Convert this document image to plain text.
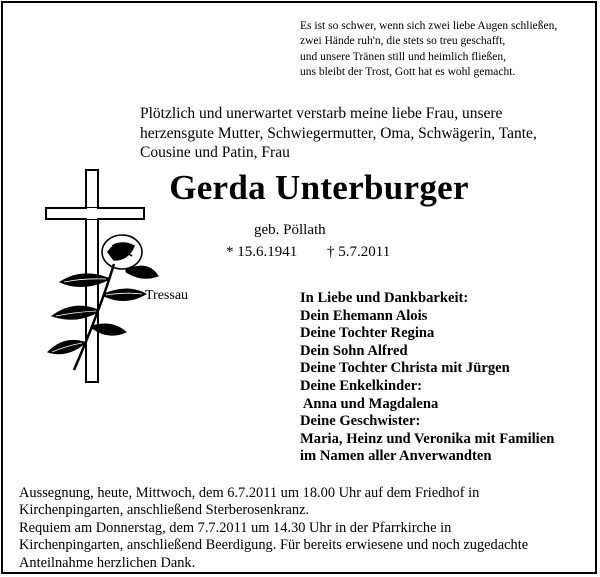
Es ist so schwer, wenn sich zwei liebe Augen schließen,
zwei Hände ruh'n, die stets so treu geschafft,
und unsere Tränen still und heimlich fließen,
uns bleibt der Trost, Gott hat es wohl gemacht.
Plötzlich und unerwartet verstarb meine liebe Frau, unsere
herzensgute Mutter, Schwiegermutter, Oma, Schwägerin, Tante,
Cousine und Patin, Frau
Gerda Unterburger
geb. Pöllath
* 15.6.1941 † 5.7.2011
Tressau	In Liebe und Dankbarkeit:
Dein Ehemann Alois
Deine Tochter Regina
Dein Sohn Alfred
Deine Tochter Christa mit Jürgen
Deine Enkelkinder:
Anna und Magdalena
Deine Geschwister:
Maria, Heinz und Veronika mit Familien
im Namen aller Anverwandten
Aussegnung, heute, Mittwoch, dem 6.7.2011 um 18.00 Uhr auf dem Friedhof in
Kirchenpingarten, anschließend Sterberosenkranz.
Requiem am Donnerstag, dem 7.7.2011 um 14.30 Uhr in der Pfarrkirche in
Kirchenpingarten, anschließend Beerdigung. Für bereits erwiesene und noch zugedachte
Anteilnahme herzlichen Dank.
